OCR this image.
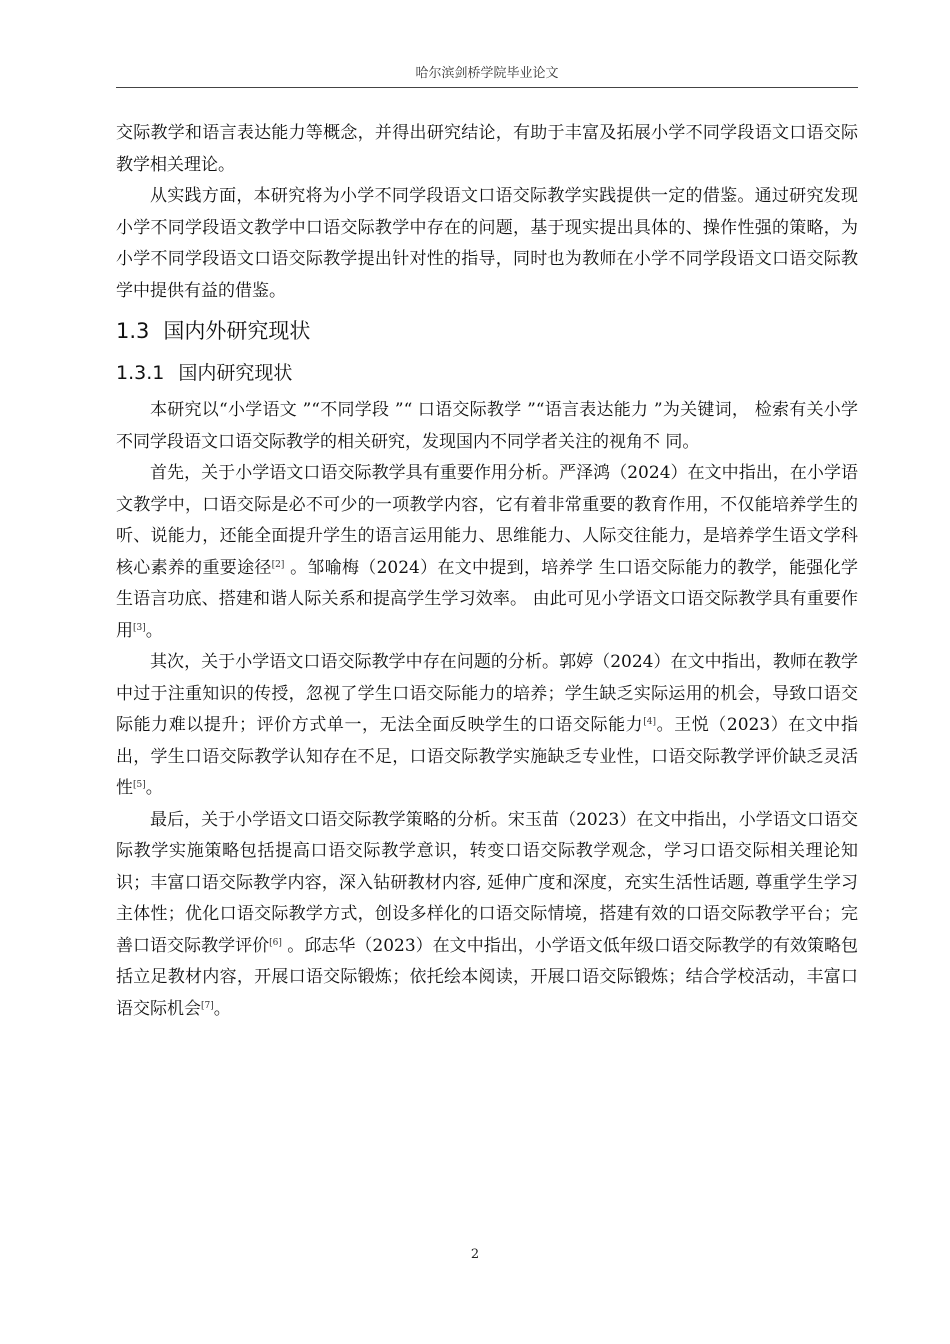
哈尔滨剑桥学院毕业论文

交际教学和语言表达能力等概念，并得出研究结论，有助于丰富及拓展小学不同学段语文口语交际教学相关理论。

从实践方面，本研究将为小学不同学段语文口语交际教学实践提供一定的借鉴。通过研究发现小学不同学段语文教学中口语交际教学中存在的问题，基于现实提出具体的、操作性强的策略，为小学不同学段语文口语交际教学提出针对性的指导，同时也为教师在小学不同学段语文口语交际教学中提供有益的借鉴。

1.3 国内外研究现状
1.3.1 国内研究现状

本研究以“小学语文 ”“不同学段 ”“ 口语交际教学 ”“语言表达能力 ”为关键词， 检索有关小学不同学段语文口语交际教学的相关研究，发现国内不同学者关注的视角不 同。

首先，关于小学语文口语交际教学具有重要作用分析。严泽鸿（2024）在文中指出，在小学语文教学中，口语交际是必不可少的一项教学内容，它有着非常重要的教育作用，不仅能培养学生的听、说能力，还能全面提升学生的语言运用能力、思维能力、人际交往能力，是培养学生语文学科核心素养的重要途径[2] 。邹喻梅（2024）在文中提到，培养学 生口语交际能力的教学，能强化学生语言功底、搭建和谐人际关系和提高学生学习效率。 由此可见小学语文口语交际教学具有重要作用[3]。

其次，关于小学语文口语交际教学中存在问题的分析。郭婷（2024）在文中指出，教师在教学中过于注重知识的传授，忽视了学生口语交际能力的培养；学生缺乏实际运用的机会，导致口语交际能力难以提升；评价方式单一，无法全面反映学生的口语交际能力[4]。王悦（2023）在文中指出，学生口语交际教学认知存在不足，口语交际教学实施缺乏专业性，口语交际教学评价缺乏灵活性[5]。

最后，关于小学语文口语交际教学策略的分析。宋玉苗（2023）在文中指出，小学语文口语交际教学实施策略包括提高口语交际教学意识，转变口语交际教学观念，学习口语交际相关理论知识；丰富口语交际教学内容，深入钻研教材内容, 延伸广度和深度，充实生活性话题, 尊重学生学习主体性；优化口语交际教学方式，创设多样化的口语交际情境，搭建有效的口语交际教学平台；完善口语交际教学评价[6] 。邱志华（2023）在文中指出，小学语文低年级口语交际教学的有效策略包括立足教材内容，开展口语交际锻炼；依托绘本阅读，开展口语交际锻炼；结合学校活动，丰富口语交际机会[7]。

2
